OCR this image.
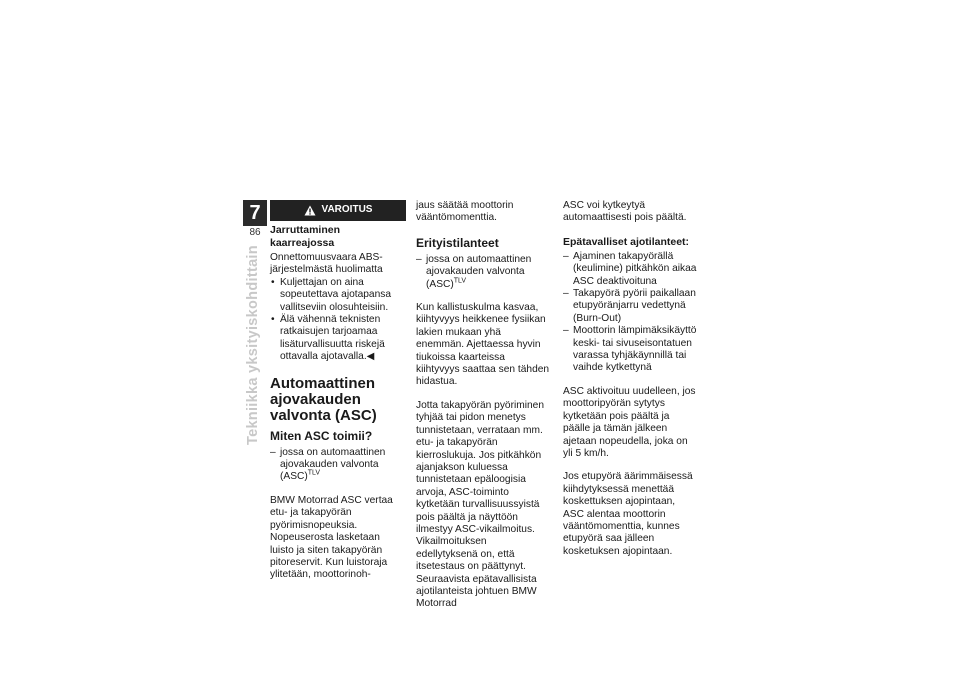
7
86
Tekniikka yksityiskohdittain
VAROITUS
Jarruttaminen kaarreajossa
Onnettomuusvaara ABS-järjestelmästä huolimatta
• Kuljettajan on aina sopeutettava ajotapansa vallitseviin olosuhteisiin.
• Älä vähennä teknisten ratkaisujen tarjoamaa lisäturvallisuutta riskejä ottavalla ajotavalla.◀
Automaattinen ajovakauden valvonta (ASC)
Miten ASC toimii?
– jossa on automaattinen ajovakauden valvonta (ASC)$^{TLV}$

BMW Motorrad ASC vertaa etu- ja takapyörän pyörimisnopeuksia. Nopeuserosta lasketaan luisto ja siten takapyörän pitoreservit. Kun luistoraja ylitetään, moottorinoh-

jaus säätää moottorin vääntömomenttia.

Erityistilanteet
– jossa on automaattinen ajovakauden valvonta (ASC)$^{TLV}$

Kun kallistuskulma kasvaa, kiihtyvyys heikkenee fysiikan lakien mukaan yhä enemmän. Ajettaessa hyvin tiukoissa kaarteissa kiihtyvyys saattaa sen tähden hidastua.

Jotta takapyörän pyöriminen tyhjää tai pidon menetys tunnistetaan, verrataan mm. etu- ja takapyörän kierroslukuja. Jos pitkähkön ajanjakson kuluessa tunnistetaan epäloogisia arvoja, ASC-toiminto kytketään turvallisuussyistä pois päältä ja näyttöön ilmestyy ASC-vikailmoitus. Vikailmoituksen edellytyksenä on, että itsetestaus on päättynyt.

Seuraavista epätavallisista ajotilanteista johtuen BMW Motorrad

ASC voi kytkeytyä automaattisesti pois päältä.

Epätavalliset ajotilanteet:
– Ajaminen takapyörällä (keulimine) pitkähkön aikaa ASC deaktivoituna
– Takapyörä pyörii paikallaan etupyöränjarru vedettynä (Burn-Out)
– Moottorin lämpimäksikäyttö keski- tai sivuseisontatuen varassa tyhjäkäynnillä tai vaihde kytkettynä

ASC aktivoituu uudelleen, jos moottoripyörän sytytys kytketään pois päältä ja päälle ja tämän jälkeen ajetaan nopeudella, joka on yli 5 km/h.

Jos etupyörä äärimmäisessä kiihdytyksessä menettää koskettuksen ajopintaan, ASC alentaa moottorin vääntömomenttia, kunnes etupyörä saa jälleen kosketuksen ajopintaan.
